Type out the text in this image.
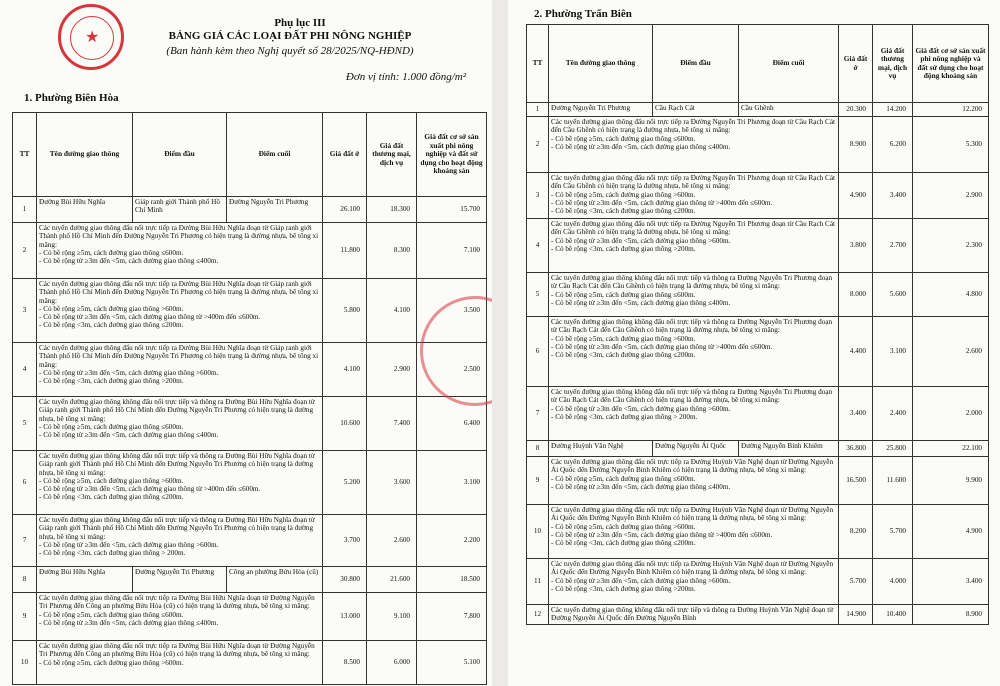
★
Phụ lục III
BẢNG GIÁ CÁC LOẠI ĐẤT PHI NÔNG NGHIỆP
(Ban hành kèm theo Nghị quyết số 28/2025/NQ-HĐND)
Đơn vị tính: 1.000 đồng/m²
1. Phường Biên Hòa
TT	Tên đường giao thông	Điểm đầu	Điểm cuối	Giá đất ở	Giá đất thương mại, dịch vụ	Giá đất cơ sở sản xuất phi nông nghiệp và đất sử dụng cho hoạt động khoáng sản
1	Đường Bùi Hữu Nghĩa	Giáp ranh giới Thành phố Hồ Chí Minh	Đường Nguyễn Tri Phương	26.100	18.300	15.700
2	Các tuyến đường giao thông đấu nối trực tiếp ra Đường Bùi Hữu Nghĩa đoạn từ Giáp ranh giới Thành phố Hồ Chí Minh đến Đường Nguyễn Tri Phương có hiện trạng là đường nhựa, bê tông xi măng:
- Có bề rộng ≥5m, cách đường giao thông ≤600m.
- Có bề rộng từ ≥3m đến <5m, cách đường giao thông ≤400m.			11.800	8.300	7.100
3	Các tuyến đường giao thông đấu nối trực tiếp ra Đường Bùi Hữu Nghĩa đoạn từ Giáp ranh giới Thành phố Hồ Chí Minh đến Đường Nguyễn Tri Phương có hiện trạng là đường nhựa, bê tông xi măng:
- Có bề rộng ≥5m, cách đường giao thông >600m.
- Có bề rộng từ ≥3m đến <5m, cách đường giao thông từ >400m đến ≤600m.
- Có bề rộng <3m, cách đường giao thông ≤200m.			5.800	4.100	3.500
4	Các tuyến đường giao thông đấu nối trực tiếp ra Đường Bùi Hữu Nghĩa đoạn từ Giáp ranh giới Thành phố Hồ Chí Minh đến Đường Nguyễn Tri Phương có hiện trạng là đường nhựa, bê tông xi măng:
- Có bề rộng từ ≥3m đến <5m, cách đường giao thông >600m.
- Có bề rộng <3m, cách đường giao thông >200m.			4.100	2.900	2.500
5	Các tuyến đường giao thông không đấu nối trực tiếp và thông ra Đường Bùi Hữu Nghĩa đoạn từ Giáp ranh giới Thành phố Hồ Chí Minh đến Đường Nguyễn Tri Phương có hiện trạng là đường nhựa, bê tông xi măng:
- Có bề rộng ≥5m, cách đường giao thông ≤600m.
- Có bề rộng từ ≥3m đến <5m, cách đường giao thông ≤400m.			10.600	7.400	6.400
6	Các tuyến đường giao thông không đấu nối trực tiếp và thông ra Đường Bùi Hữu Nghĩa đoạn từ Giáp ranh giới Thành phố Hồ Chí Minh đến Đường Nguyễn Tri Phương có hiện trạng là đường nhựa, bê tông xi măng:
- Có bề rộng ≥5m, cách đường giao thông >600m.
- Có bề rộng từ ≥3m đến <5m, cách đường giao thông từ >400m đến ≤600m.
- Có bề rộng <3m, cách đường giao thông ≤200m.			5.200	3.600	3.100
7	Các tuyến đường giao thông không đấu nối trực tiếp và thông ra Đường Bùi Hữu Nghĩa đoạn từ Giáp ranh giới Thành phố Hồ Chí Minh đến Đường Nguyễn Tri Phương có hiện trạng là đường nhựa, bê tông xi măng:
- Có bề rộng từ ≥3m đến <5m, cách đường giao thông >600m.
- Có bề rộng <3m, cách đường giao thông > 200m.			3.700	2.600	2.200
8	Đường Bùi Hữu Nghĩa	Đường Nguyễn Tri Phương	Công an phường Bửu Hòa (cũ)	30.800	21.600	18.500
9	Các tuyến đường giao thông đấu nối trực tiếp ra Đường Bùi Hữu Nghĩa đoạn từ Đường Nguyễn Tri Phương đến Công an phường Bửu Hòa (cũ) có hiện trạng là đường nhựa, bê tông xi măng:
- Có bề rộng ≥5m, cách đường giao thông ≤600m.
- Có bề rộng từ ≥3m đến <5m, cách đường giao thông ≤400m.			13.000	9.100	7.800
10	Các tuyến đường giao thông đấu nối trực tiếp ra Đường Bùi Hữu Nghĩa đoạn từ Đường Nguyễn Tri Phương đến Công an phường Bửu Hòa (cũ) có hiện trạng là đường nhựa, bê tông xi măng:
- Có bề rộng ≥5m, cách đường giao thông >600m.			8.500	6.000	5.100
2. Phường Trấn Biên
TT	Tên đường giao thông	Điểm đầu	Điểm cuối	Giá đất ở	Giá đất thương mại, dịch vụ	Giá đất cơ sở sản xuất phi nông nghiệp và đất sử dụng cho hoạt động khoáng sản
1	Đường Nguyễn Tri Phương	Cầu Rạch Cát	Cầu Ghềnh	20.300	14.200	12.200
2	Các tuyến đường giao thông đấu nối trực tiếp ra Đường Nguyễn Tri Phương đoạn từ Cầu Rạch Cát đến Cầu Ghềnh có hiện trạng là đường nhựa, bê tông xi măng:
- Có bề rộng ≥5m, cách đường giao thông ≤600m.
- Có bề rộng từ ≥3m đến <5m, cách đường giao thông ≤400m.			8.900	6.200	5.300
3	Các tuyến đường giao thông đấu nối trực tiếp ra Đường Nguyễn Tri Phương đoạn từ Cầu Rạch Cát đến Cầu Ghềnh có hiện trạng là đường nhựa, bê tông xi măng:
- Có bề rộng ≥5m, cách đường giao thông >600m.
- Có bề rộng từ ≥3m đến <5m, cách đường giao thông từ >400m đến ≤600m.
- Có bề rộng <3m, cách đường giao thông ≤200m.			4.900	3.400	2.900
4	Các tuyến đường giao thông đấu nối trực tiếp ra Đường Nguyễn Tri Phương đoạn từ Cầu Rạch Cát đến Cầu Ghềnh có hiện trạng là đường nhựa, bê tông xi măng:
- Có bề rộng từ ≥3m đến <5m, cách đường giao thông >600m.
- Có bề rộng <3m, cách đường giao thông >200m.			3.800	2.700	2.300
5	Các tuyến đường giao thông không đấu nối trực tiếp và thông ra Đường Nguyễn Tri Phương đoạn từ Cầu Rạch Cát đến Cầu Ghềnh có hiện trạng là đường nhựa, bê tông xi măng:
- Có bề rộng ≥5m, cách đường giao thông ≤600m.
- Có bề rộng từ ≥3m đến <5m, cách đường giao thông ≤400m.			8.000	5.600	4.800
6	Các tuyến đường giao thông không đấu nối trực tiếp và thông ra Đường Nguyễn Tri Phương đoạn từ Cầu Rạch Cát đến Cầu Ghềnh có hiện trạng là đường nhựa, bê tông xi măng:
- Có bề rộng ≥5m, cách đường giao thông >600m.
- Có bề rộng từ ≥3m đến <5m, cách đường giao thông từ >400m đến ≤600m.
- Có bề rộng <3m, cách đường giao thông ≤200m.			4.400	3.100	2.600
7	Các tuyến đường giao thông không đấu nối trực tiếp và thông ra Đường Nguyễn Tri Phương đoạn từ Cầu Rạch Cát đến Cầu Ghềnh có hiện trạng là đường nhựa, bê tông xi măng:
- Có bề rộng từ ≥3m đến <5m, cách đường giao thông >600m.
- Có bề rộng <3m, cách đường giao thông > 200m.			3.400	2.400	2.000
8	Đường Huỳnh Văn Nghệ	Đường Nguyễn Ái Quốc	Đường Nguyễn Bỉnh Khiêm	36.800	25.800	22.100
9	Các tuyến đường giao thông đấu nối trực tiếp ra Đường Huỳnh Văn Nghệ đoạn từ Đường Nguyễn Ái Quốc đến Đường Nguyễn Bỉnh Khiêm có hiện trạng là đường nhựa, bê tông xi măng:
- Có bề rộng ≥5m, cách đường giao thông ≤600m.
- Có bề rộng từ ≥3m đến <5m, cách đường giao thông ≤400m.			16.500	11.600	9.900
10	Các tuyến đường giao thông đấu nối trực tiếp ra Đường Huỳnh Văn Nghệ đoạn từ Đường Nguyễn Ái Quốc đến Đường Nguyễn Bỉnh Khiêm có hiện trạng là đường nhựa, bê tông xi măng:
- Có bề rộng ≥5m, cách đường giao thông >600m.
- Có bề rộng từ ≥3m đến <5m, cách đường giao thông từ >400m đến ≤600m.
- Có bề rộng <3m, cách đường giao thông ≤200m.			8.200	5.700	4.900
11	Các tuyến đường giao thông đấu nối trực tiếp ra Đường Huỳnh Văn Nghệ đoạn từ Đường Nguyễn Ái Quốc đến Đường Nguyễn Bỉnh Khiêm có hiện trạng là đường nhựa, bê tông xi măng:
- Có bề rộng từ ≥3m đến <5m, cách đường giao thông >600m.
- Có bề rộng <3m, cách đường giao thông >200m.			5.700	4.000	3.400
12	Các tuyến đường giao thông không đấu nối trực tiếp và thông ra Đường Huỳnh Văn Nghệ đoạn từ Đường Nguyễn Ái Quốc đến Đường Nguyễn Bỉnh			14.900	10.400	8.900
